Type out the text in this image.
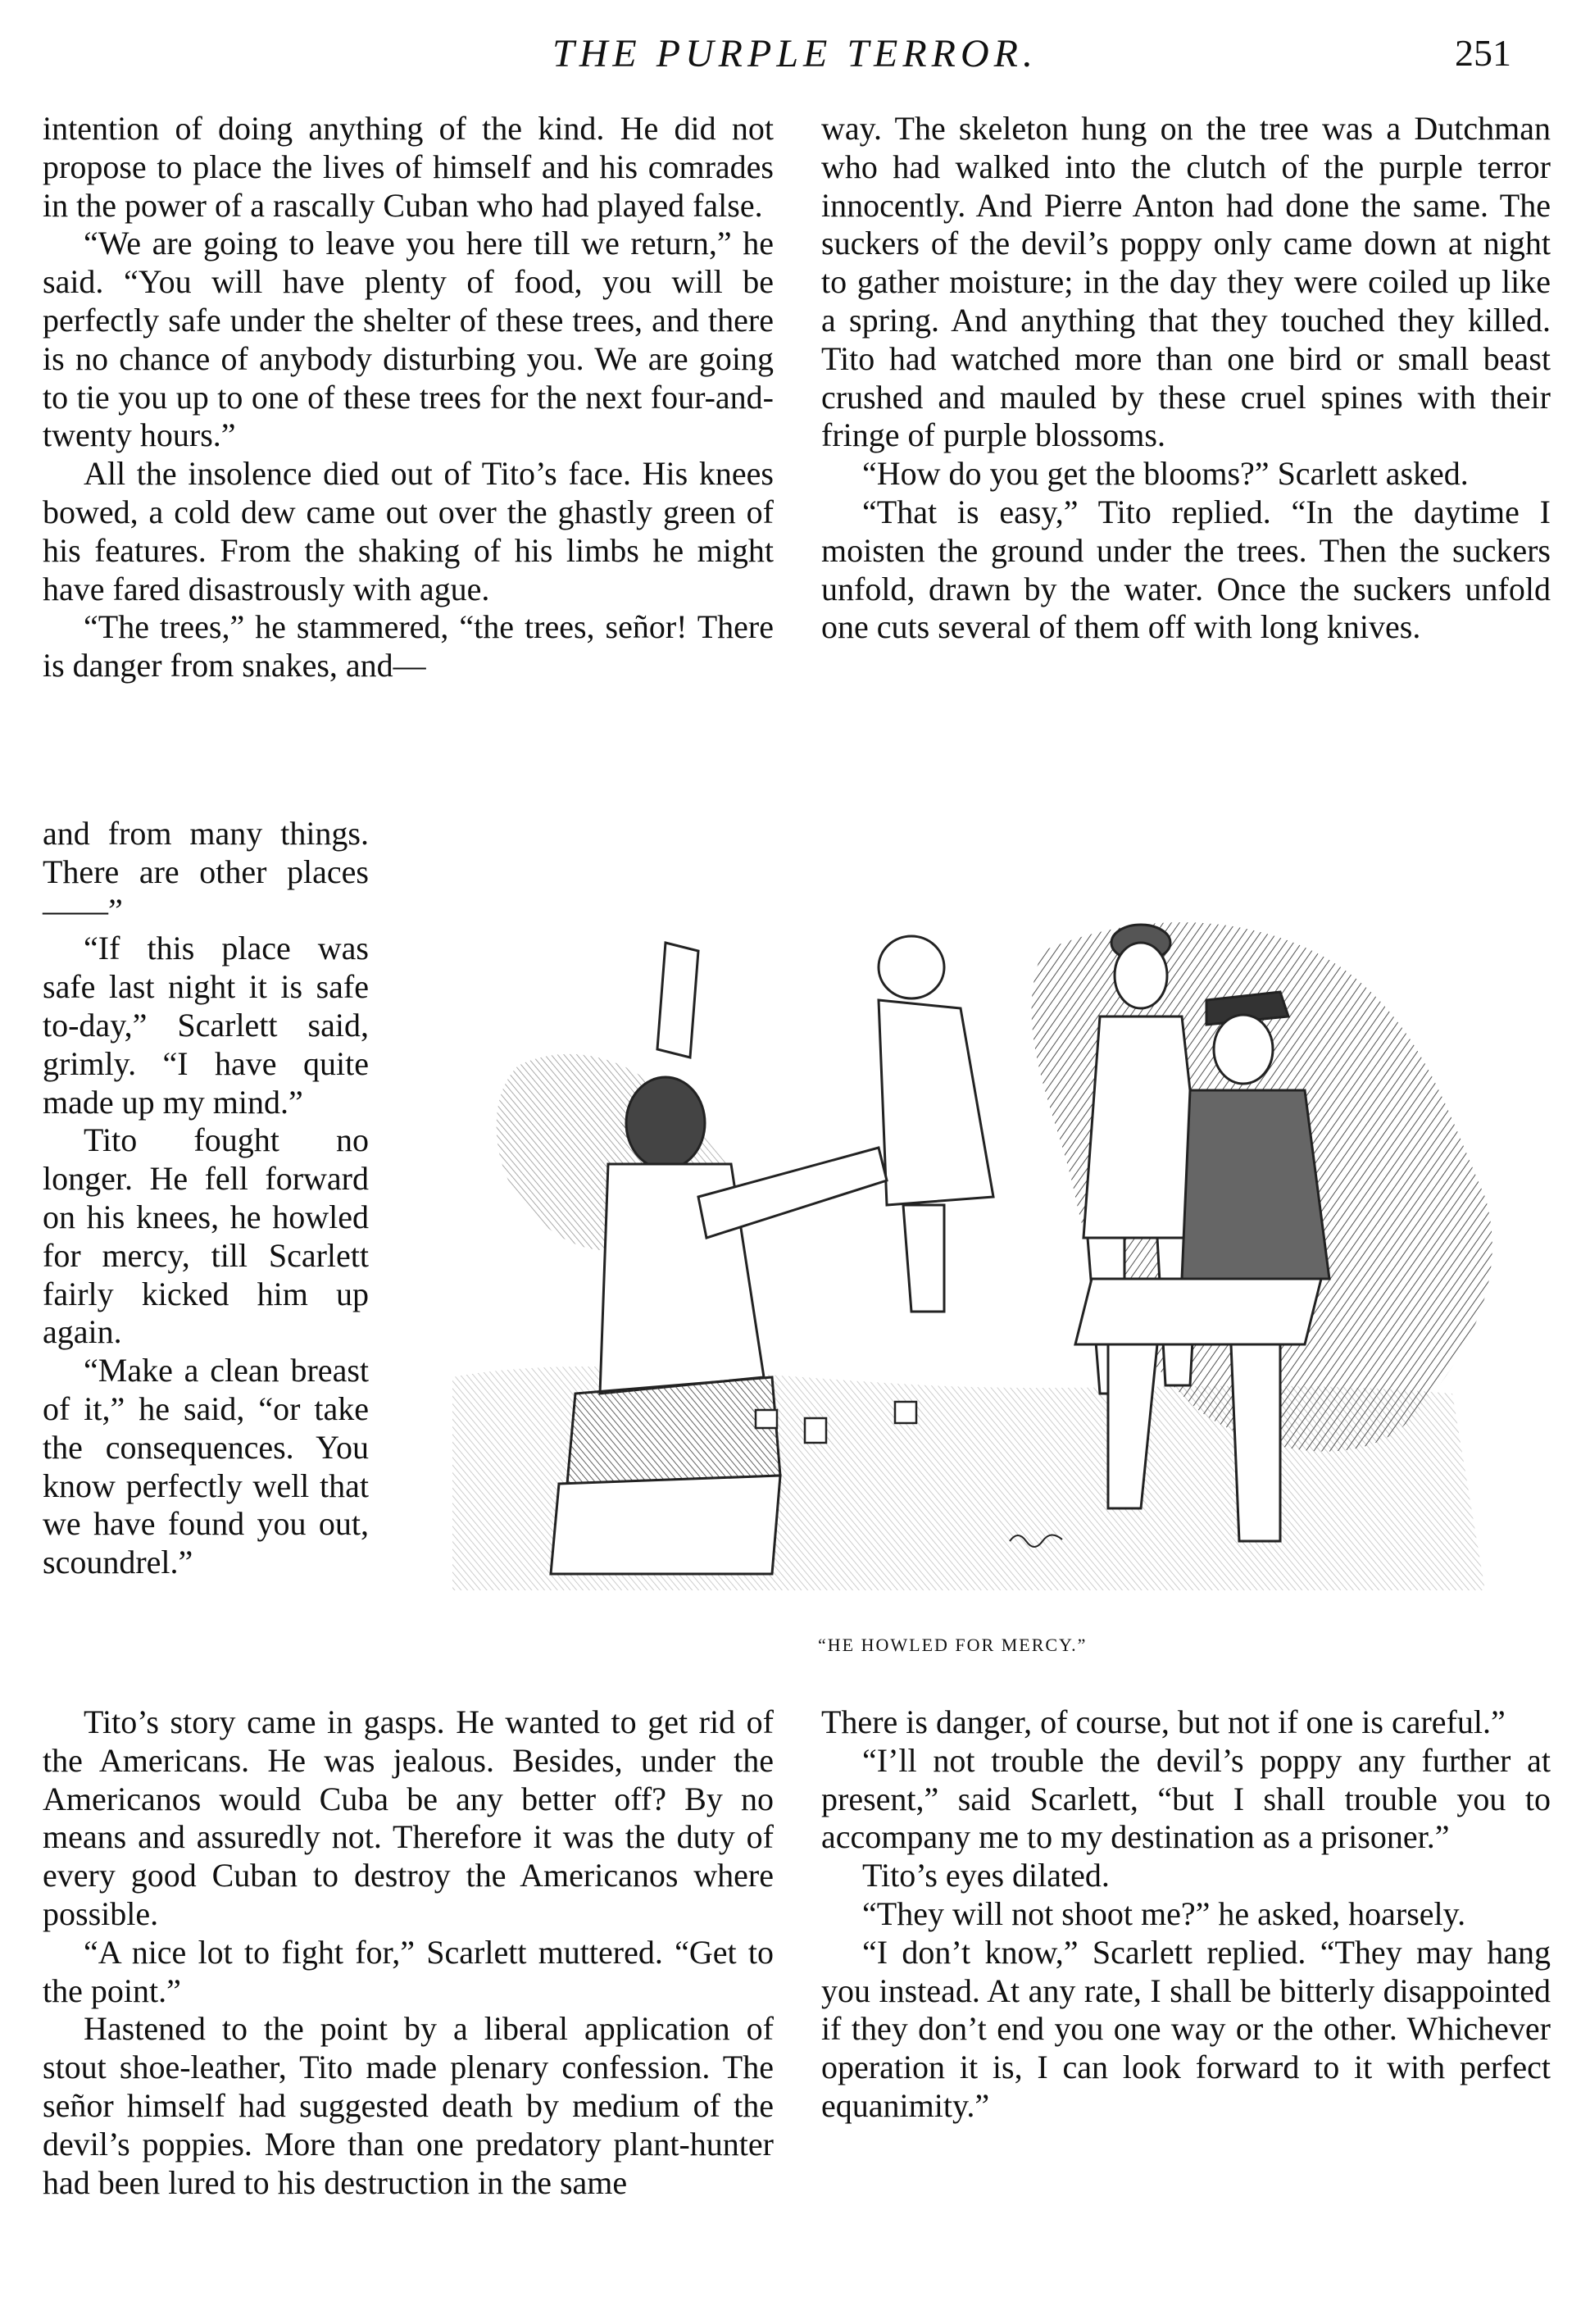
THE PURPLE TERROR.	251

intention of doing anything of the kind. He did not propose to place the lives of himself and his comrades in the power of a rascally Cuban who had played false.

“We are going to leave you here till we return,” he said. “You will have plenty of food, you will be perfectly safe under the shelter of these trees, and there is no chance of anybody disturbing you. We are going to tie you up to one of these trees for the next four-and-twenty hours.”

All the insolence died out of Tito’s face. His knees bowed, a cold dew came out over the ghastly green of his features. From the shaking of his limbs he might have fared disastrously with ague.

“The trees,” he stammered, “the trees, señor! There is danger from snakes, and—

and from many things. There are other places——”

“If this place was safe last night it is safe to-day,” Scarlett said, grimly. “I have quite made up my mind.”

Tito fought no longer. He fell forward on his knees, he howled for mercy, till Scarlett fairly kicked him up again.

“Make a clean breast of it,” he said, “or take the consequences. You know perfectly well that we have found you out, scoundrel.”

way. The skeleton hung on the tree was a Dutchman who had walked into the clutch of the purple terror innocently. And Pierre Anton had done the same. The suckers of the devil’s poppy only came down at night to gather moisture; in the day they were coiled up like a spring. And anything that they touched they killed. Tito had watched more than one bird or small beast crushed and mauled by these cruel spines with their fringe of purple blossoms.

“How do you get the blooms?” Scarlett asked.

“That is easy,” Tito replied. “In the daytime I moisten the ground under the trees. Then the suckers unfold, drawn by the water. Once the suckers unfold one cuts several of them off with long knives.

“HE HOWLED FOR MERCY.”

Tito’s story came in gasps. He wanted to get rid of the Americans. He was jealous. Besides, under the Americanos would Cuba be any better off? By no means and assuredly not. Therefore it was the duty of every good Cuban to destroy the Americanos where possible.

“A nice lot to fight for,” Scarlett muttered. “Get to the point.”

Hastened to the point by a liberal application of stout shoe-leather, Tito made plenary confession. The señor himself had suggested death by medium of the devil’s poppies. More than one predatory plant-hunter had been lured to his destruction in the same

There is danger, of course, but not if one is careful.”

“I’ll not trouble the devil’s poppy any further at present,” said Scarlett, “but I shall trouble you to accompany me to my destination as a prisoner.”

Tito’s eyes dilated.

“They will not shoot me?” he asked, hoarsely.

“I don’t know,” Scarlett replied. “They may hang you instead. At any rate, I shall be bitterly disappointed if they don’t end you one way or the other. Whichever operation it is, I can look forward to it with perfect equanimity.”
